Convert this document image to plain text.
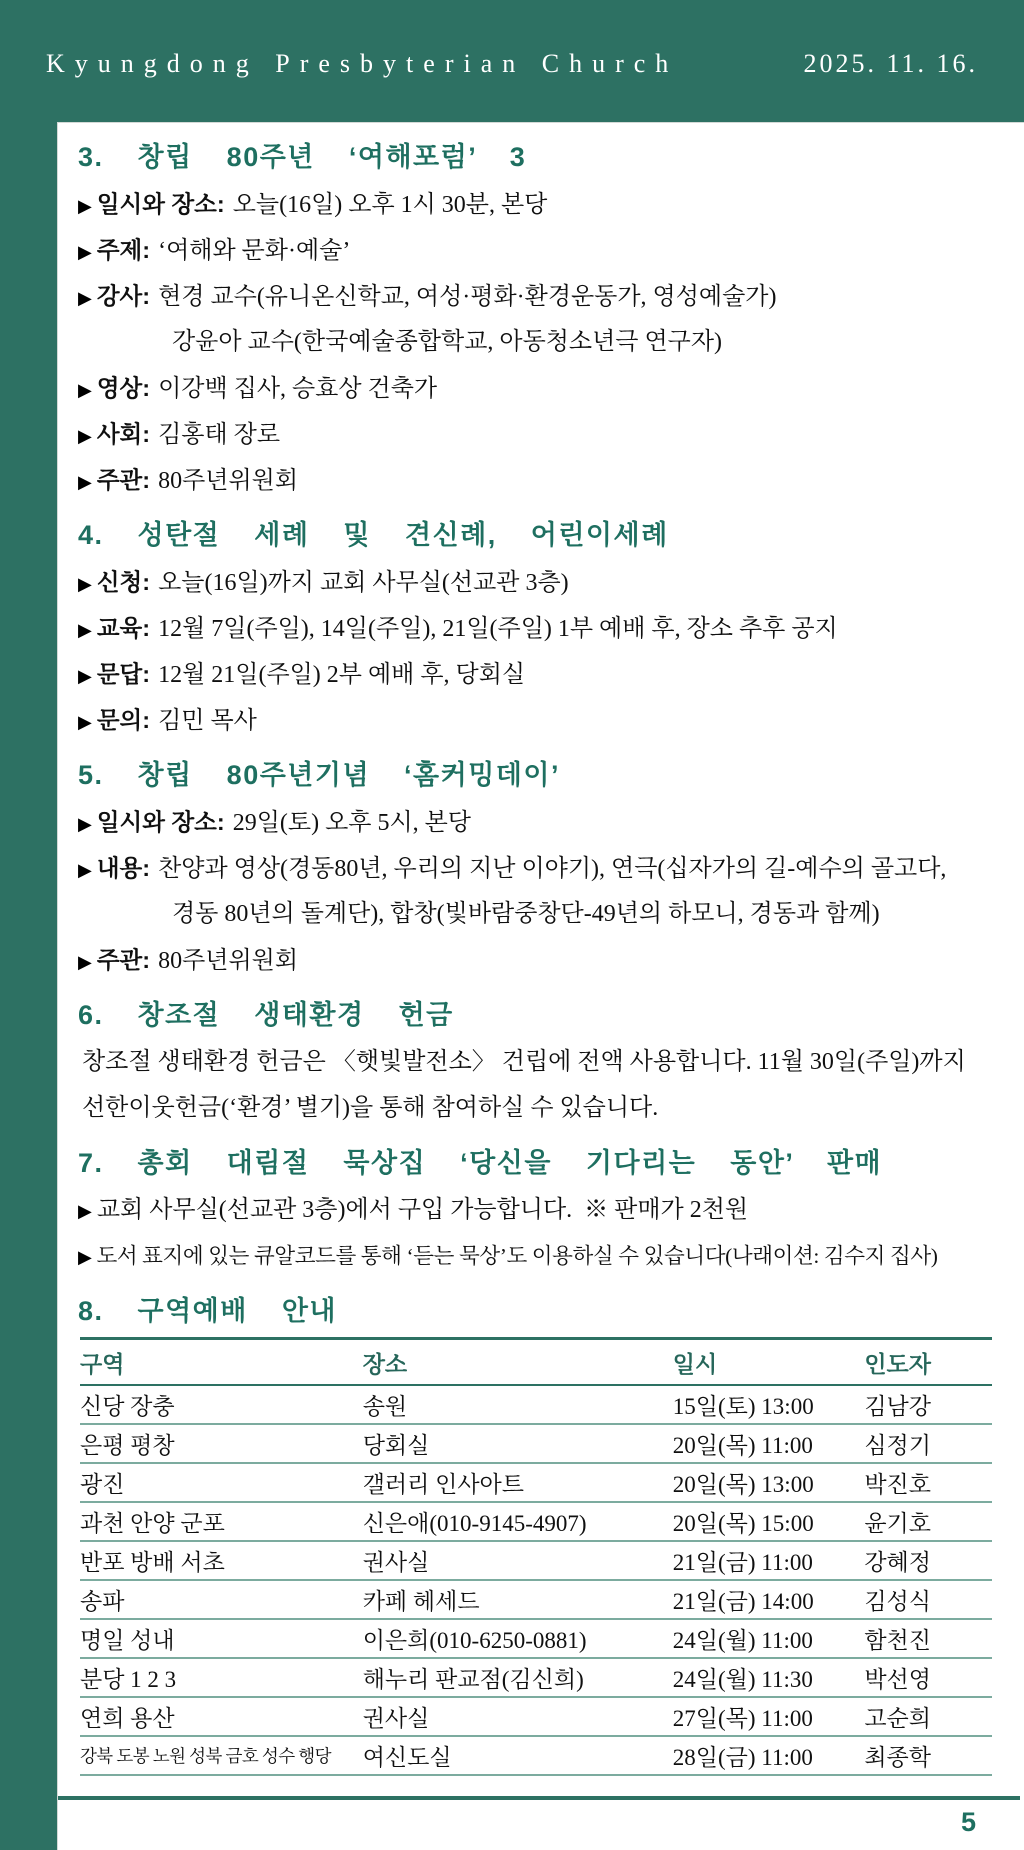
Kyungdong Presbyterian Church	2025. 11. 16.
3.  창립  80주년  ‘여해포럼’  3
▶ 일시와 장소: 오늘(16일) 오후 1시 30분, 본당
▶ 주제: ‘여해와 문화·예술’
▶ 강사: 현경 교수(유니온신학교, 여성·평화·환경운동가, 영성예술가)
강윤아 교수(한국예술종합학교, 아동청소년극 연구자)
▶ 영상: 이강백 집사, 승효상 건축가
▶ 사회: 김홍태 장로
▶ 주관: 80주년위원회
4.  성탄절  세례  및  견신례,  어린이세례
▶ 신청: 오늘(16일)까지 교회 사무실(선교관 3층)
▶ 교육: 12월 7일(주일), 14일(주일), 21일(주일) 1부 예배 후, 장소 추후 공지
▶ 문답: 12월 21일(주일) 2부 예배 후, 당회실
▶ 문의: 김민 목사
5.  창립  80주년기념  ‘홈커밍데이’
▶ 일시와 장소: 29일(토) 오후 5시, 본당
▶ 내용: 찬양과 영상(경동80년, 우리의 지난 이야기), 연극(십자가의 길-예수의 골고다,
경동 80년의 돌계단), 합창(빛바람중창단-49년의 하모니, 경동과 함께)
▶ 주관: 80주년위원회
6.  창조절  생태환경  헌금
창조절 생태환경 헌금은 〈햇빛발전소〉 건립에 전액 사용합니다. 11월 30일(주일)까지
선한이웃헌금(‘환경’ 별기)을 통해 참여하실 수 있습니다.
7.  총회  대림절  묵상집  ‘당신을  기다리는  동안’  판매
▶ 교회 사무실(선교관 3층)에서 구입 가능합니다.  ※ 판매가 2천원
▶ 도서 표지에 있는 큐알코드를 통해 ‘듣는 묵상’도 이용하실 수 있습니다(나래이션: 김수지 집사)
8.  구역예배  안내
구역	장소	일시	인도자
신당 장충	송원	15일(토) 13:00	김남강
은평 평창	당회실	20일(목) 11:00	심정기
광진	갤러리 인사아트	20일(목) 13:00	박진호
과천 안양 군포	신은애(010-9145-4907)	20일(목) 15:00	윤기호
반포 방배 서초	권사실	21일(금) 11:00	강혜정
송파	카페 헤세드	21일(금) 14:00	김성식
명일 성내	이은희(010-6250-0881)	24일(월) 11:00	함천진
분당 1 2 3	해누리 판교점(김신희)	24일(월) 11:30	박선영
연희 용산	권사실	27일(목) 11:00	고순희
강북 도봉 노원 성북 금호 성수 행당	여신도실	28일(금) 11:00	최종학
5
